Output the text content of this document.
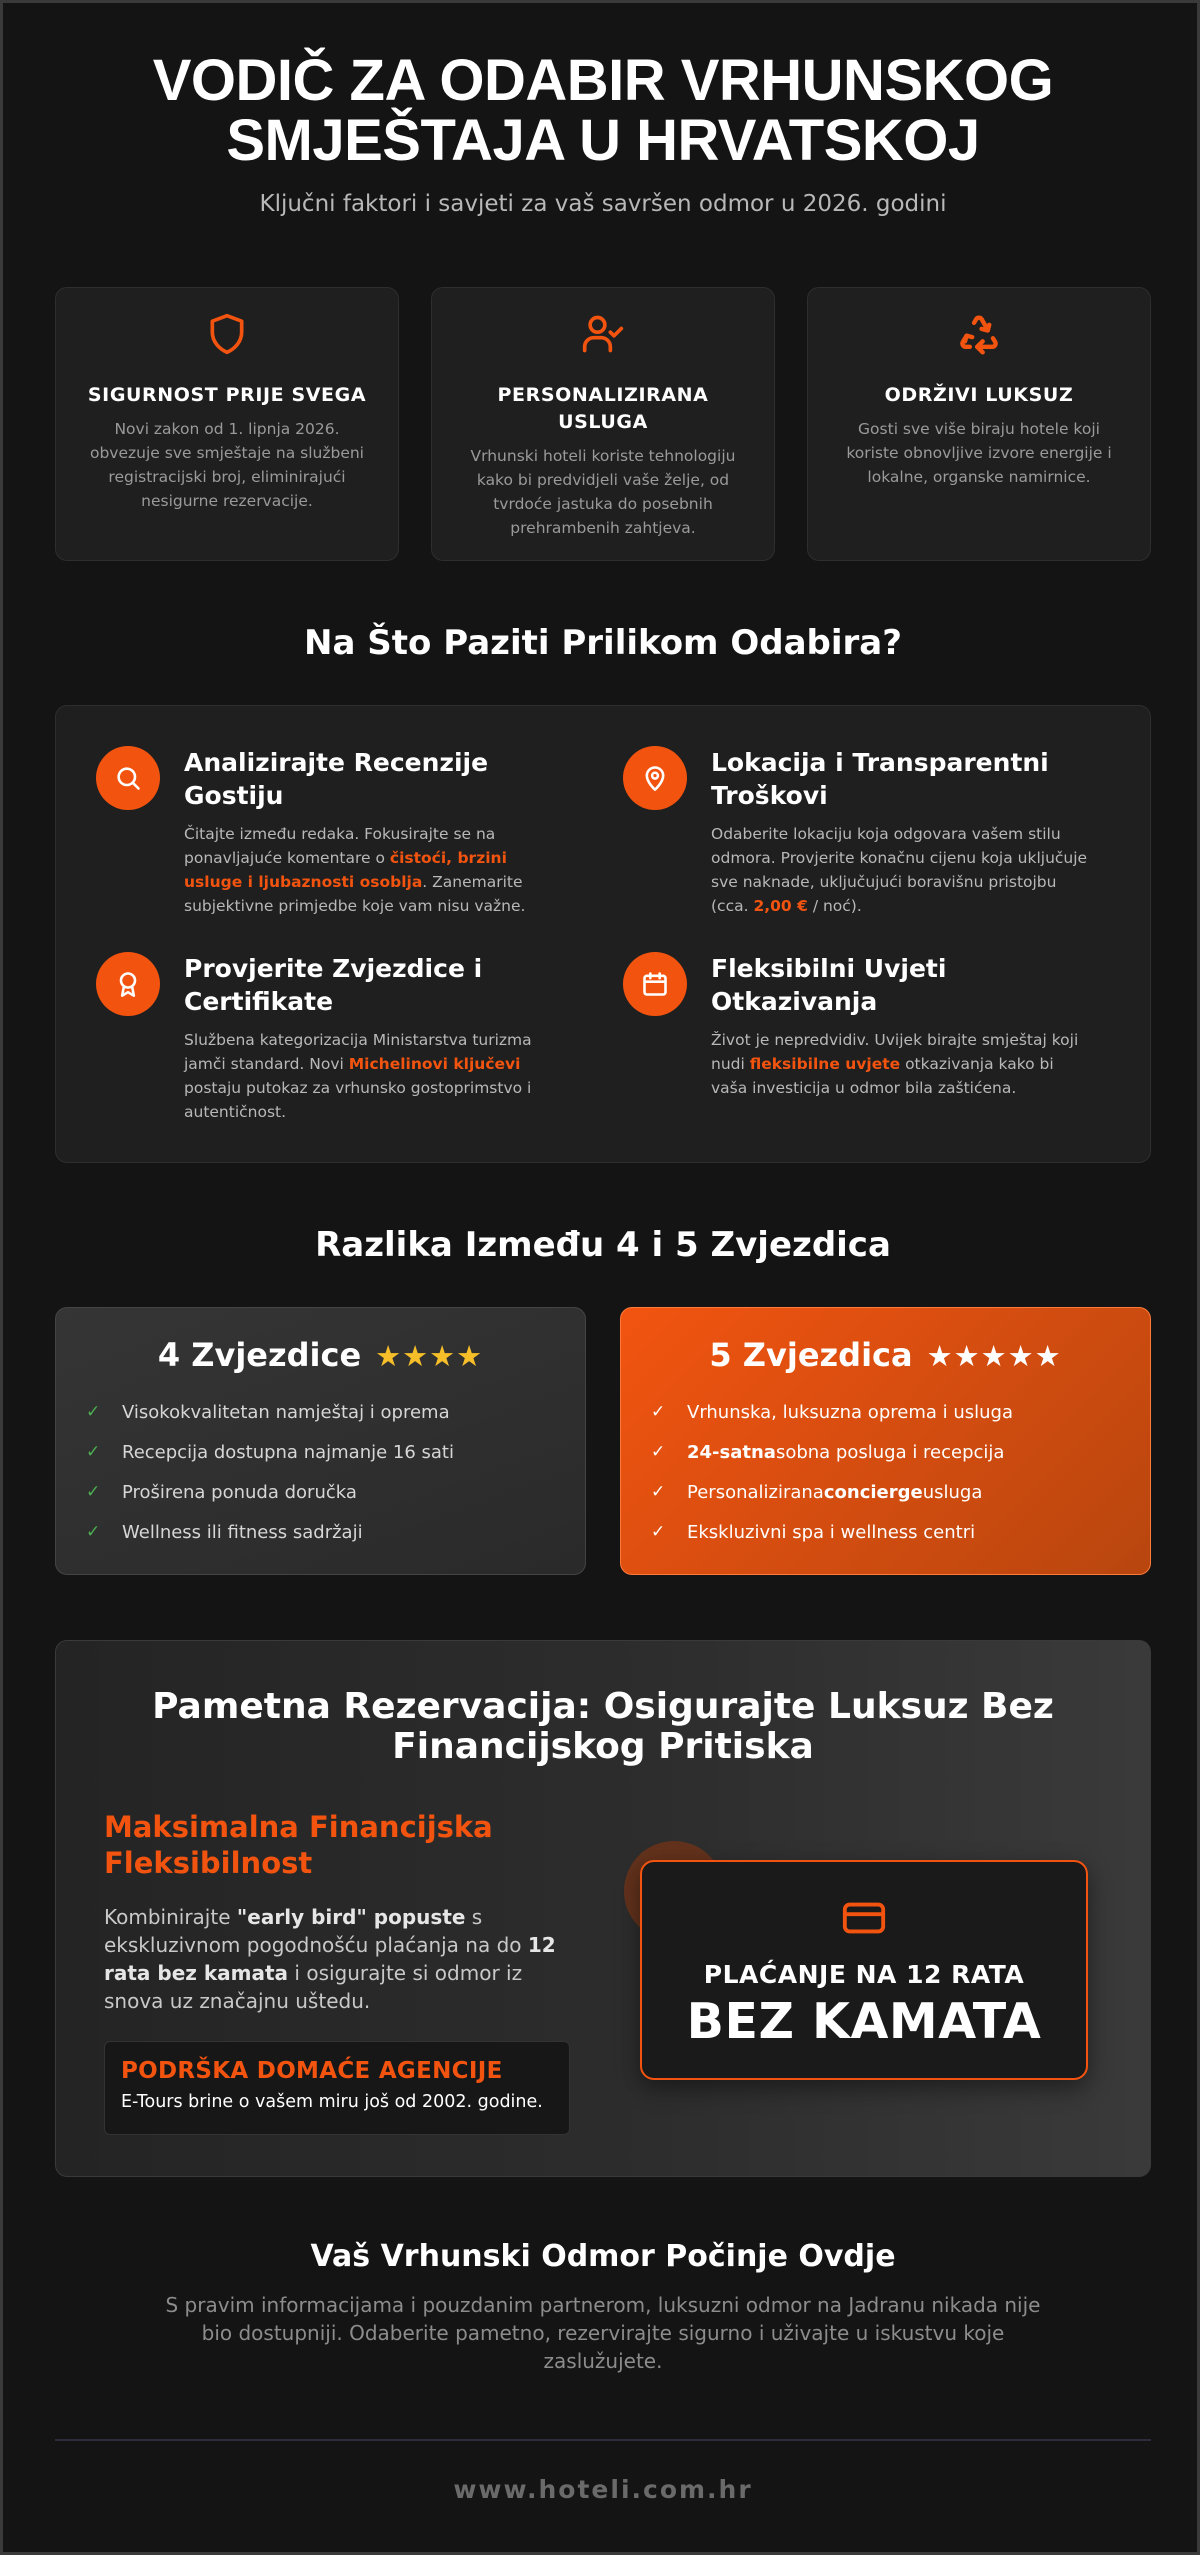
VODIČ ZA ODABIR VRHUNSKOG SMJEŠTAJA U HRVATSKOJ

Ključni faktori i savjeti za vaš savršen odmor u 2026. godini

SIGURNOST PRIJE SVEGA
Novi zakon od 1. lipnja 2026. obvezuje sve smještaje na službeni registracijski broj, eliminirajući nesigurne rezervacije.
PERSONALIZIRANA USLUGA
Vrhunski hoteli koriste tehnologiju kako bi predvidjeli vaše želje, od tvrdoće jastuka do posebnih prehrambenih zahtjeva.
ODRŽIVI LUKSUZ
Gosti sve više biraju hotele koji koriste obnovljive izvore energije i lokalne, organske namirnice.
Na Što Paziti Prilikom Odabira?
Analizirajte Recenzije Gostiju
Čitajte između redaka. Fokusirajte se na ponavljajuće komentare o čistoći, brzini usluge i ljubaznosti osoblja. Zanemarite subjektivne primjedbe koje vam nisu važne.
Lokacija i Transparentni Troškovi
Odaberite lokaciju koja odgovara vašem stilu odmora. Provjerite konačnu cijenu koja uključuje sve naknade, uključujući boravišnu pristojbu (cca. 2,00 € / noć).
Provjerite Zvjezdice i Certifikate
Službena kategorizacija Ministarstva turizma jamči standard. Novi Michelinovi ključevi postaju putokaz za vrhunsko gostoprimstvo i autentičnost.
Fleksibilni Uvjeti Otkazivanja
Život je nepredvidiv. Uvijek birajte smještaj koji nudi fleksibilne uvjete otkazivanja kako bi vaša investicija u odmor bila zaštićena.
Razlika Između 4 i 5 Zvjezdica
4 Zvjezdice ★★★★
✓	Visokokvalitetan namještaj i oprema
✓	Recepcija dostupna najmanje 16 sati
✓	Proširena ponuda doručka
✓	Wellness ili fitness sadržaji
5 Zvjezdica ★★★★★
✓	Vrhunska, luksuzna oprema i usluga
✓	24-satna sobna posluga i recepcija
✓	Personalizirana concierge usluga
✓	Ekskluzivni spa i wellness centri
Pametna Rezervacija: Osigurajte Luksuz Bez Financijskog Pritiska
Maksimalna Financijska Fleksibilnost

Kombinirajte "early bird" popuste s ekskluzivnom pogodnošću plaćanja na do 12 rata bez kamata i osigurajte si odmor iz snova uz značajnu uštedu.

PODRŠKA DOMAĆE AGENCIJE
E-Tours brine o vašem miru još od 2002. godine.
PLAĆANJE NA 12 RATA
BEZ KAMATA
Vaš Vrhunski Odmor Počinje Ovdje

S pravim informacijama i pouzdanim partnerom, luksuzni odmor na Jadranu nikada nije bio dostupniji. Odaberite pametno, rezervirajte sigurno i uživajte u iskustvu koje zaslužujete.

www.hoteli.com.hr
